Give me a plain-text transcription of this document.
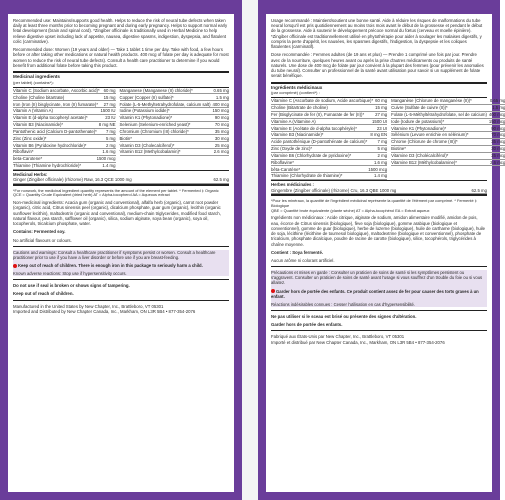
Recommended use: Maintains/supports good health. Helps to reduce the risk of neural tube defects when taken daily at least three months prior to becoming pregnant and during early pregnancy. Helps to support normal early fetal development (brain and spinal cord). *Zingiber officinale is traditionally used in Herbal Medicine to help relieve digestive upset including lack of appetite, nausea, digestive spasms, indigestion, dyspepsia, and flatulent colic (carminative).

Recommended dose: Women (19 years and older) — Take 1 tablet 1 time per day. Take with food, a few hours before or after taking other medications or natural health products. 400 mcg of folate per day is adequate for most women to reduce the risk of neural tube defects). Consult a health care practitioner to determine if you would benefit from additional folate before taking this product.

Medicinal ingredients
(per tablet) (contains*):
Vitamin C (Sodium ascorbate, Ascorbic acid)* 60 mg
Choline (Choline bitartrate)	15 mg
Iron (Iron (II) bisglycinate, Iron (II) fumarate)* 27 mg
Vitamin A (Vitamin A)	1500 IU
Vitamin E (d-alpha tocopheryl acetate)*	23 IU
Vitamin B3 (Niacinamide)*	8 mg NE
Pantothenic acid (Calcium D-pantothenate)* 7 mg
Zinc (Zinc oxide)*	5 mg
Vitamin B6 (Pyridoxine hydrochloride)*	2 mg
Riboflavin*	1.6 mg
beta-Carotene*	1500 mcg
Thiamine (Thiamine hydrochloride)*	1.4 mg
Manganese (Manganese (II) chloride)*	0.65 mg
Copper (Copper (II) sulfate)*	1.5 mg
Folate (L-5-Methyltetrahydrofolate, calcium salt) 400 mcg
Iodine (Potassium iodide)*	150 mcg
Vitamin K1 (Phytonadione)*	90 mcg
Selenium (Selenium-enriched yeast)*	70 mcg
Chromium (Chromium (III) chloride)*	35 mcg
Biotin*	30 mcg
Vitamin D3 (Cholecalciferol)*	25 mcg
Vitamin B12 (Methylcobalamin)*	2.6 mcg
Medicinal Herbs:
Ginger (Zingiber officinale) (rhizome) Raw, 16.3 QCE 1000 mg	62.5 mg
*For nonwork, the medicinal ingredient quantity represents the amount of the element per tablet. * Fermented ‡ Organic
QCE = Quantity Crude Equivalent (dried herb) AT = Alpha-tocopherol AA = Aqueous extract

Non-medicinal ingredients: Acacia gum (organic and conventional), alfalfa herb (organic), carrot root powder (organic), citric acid, Citrus sinensis peel (organic), dicalcium phosphate, guar gum (organic), lecithin (organic sunflower lecithin), maltodextrin (organic and conventional), medium-chain triglycerides, modified food starch, natural flavour, pea starch, safflower oil (organic), silica, sodium alginate, soya bean (organic), soya oil, tocopherols, tricalcium phosphate, water.

Contains: Fermented soy.

No artificial flavours or colours.

Cautions and warnings: Consult a healthcare practitioner if symptoms persist or worsen. Consult a healthcare practitioner prior to use if you have a liver disorder or before use if you are breast-feeding.

Keep out of reach of children. There is enough iron in this package to seriously harm a child.

Known adverse reactions: Stop use if hypersensitivity occurs.

Do not use if seal is broken or shows signs of tampering.

Keep out of reach of children.

Manufactured in the United States by New Chapter, Inc., Brattleboro, VT 05301
Imported and Distributed by New Chapter Canada, Inc., Markham, ON L3R 5B4 • 877-354-2076

Usage recommandé : Maintient/soutient une bonne santé. Aide à réduire les risques de malformations du tube neural lorsqu'il est pris quotidiennement au moins trois mois avant le début de la grossesse et pendant le début de la grossesse. Aide à soutenir le développement précoce normal du fœtus (cerveau et moelle épinière). *Zingiber officinale est traditionnellement utilisé en phytothérapie pour aider à soulager les malaises digestifs, y compris la perte d'appétit, les nausées, les spasmes digestifs, l'indigestion, la dyspepsie et les coliques flatulentes (carminatif).

Dose recommandée : Femmes adultes (de 19 ans et plus) — Prendre 1 comprimé une fois par jour. Prendre avec de la nourriture, quelques heures avant ou après la prise d'autres médicaments ou produits de santé naturels. Une dose de 400 mcg de folate par jour convient à la plupart des femmes (pour prévenir les anomalies du tube neural). Consulter un professionnel de la santé avant utilisation pour savoir si un supplément de folate serait bénéfique.

Ingrédients médicinaux
(par comprimé) (contient*) :
Vitamine C (Ascorbate de sodium, Acide ascorbique)* 60 mg
Choline (Bitartrate de choline)	15 mg
Fer (Bisglycinate de fer (II), Fumarate de fer (II))*	27 mg
Vitamine A (Vitamine A)	1500 UI
Vitamine E (Acétate de d-alpha tocophéryle)*	23 UI
Vitamine B3 (Niacinamide)*	8 mg EN
Acide pantothénique (D-pantothénate de calcium)* 7 mg
Zinc (Oxyde de zinc)*	5 mg
Vitamine B6 (Chlorhydrate de pyridoxine)*	2 mg
Riboflavine*	1.6 mg
bêta-Carotène*	1500 mcg
Thiamine (Chlorhydrate de thiamine)*	1.4 mg
Manganèse (Chlorure de manganèse (II))*	0.65 mg
Cuivre (Sulfate de cuivre (II))*	1.5 mg
Folate (L-5-Méthyltétrahydrofolate, sel de calcium) 400 mcg
Iode (Iodure de potassium)*	150 mcg
Vitamine K1 (Phytonadione)*	90 mcg
Sélénium (Levure enrichie en sélénium)*	70 mcg
Chrome (Chlorure de chrome (III))*	35 mcg
Biotine*	30 mcg
Vitamine D3 (Cholécalciférol)*	25 mcg
Vitamine B12 (Méthylcobalamine)*	2.6 mcg
Herbes médicinales :
Gingembre (Zingiber officinale) (rhizome) Cru, 16.3 QBE 1000 mg	62.5 mg
*Pour les minéraux, la quantité de l'ingrédient médicinal représente la quantité de l'élément par comprimé. * Fermenté ‡ Biologique
QBE = Quantité brute équivalente (plante sèche) AT = Alpha-tocophérol EA = Extrait aqueux

Ingrédients non médicinaux : Acide citrique, alginate de sodium, amidon alimentaire modifié, amidon de pois, eau, écorce de Citrus sinensis (biologique), fève soja (biologique), gomme arabique (biologique et conventionnel), gomme de guar (biologique), herbe de luzerne (biologique), huile de carthame (biologique), huile de soja, lécithine (lécithine de tournesol biologique), maltodextrine (biologique et conventionnel), phosphate de tricalcium, phosphate dicalcique, poudre de racine de carotte (biologique), silice, tocophérols, triglycérides à chaîne moyenne.

Contient : Soya fermenté.

Aucun arôme ni colorant artificiel.

Précautions et mises en garde : Consulter un praticien de soins de santé si les symptômes persistent ou s'aggravent. Consulter un praticien de soins de santé avant l'usage si vous souffrez d'un trouble du foie ou si vous allaitez.

Garder hors de portée des enfants. Ce produit contient assez de fer pour causer des torts graves à un enfant.

Réactions indésirables connues : Cesser l'utilisation en cas d'hypersensibilité.

Ne pas utiliser si le sceau est brisé ou présente des signes d'altération.

Garder hors de portée des enfants.

Fabriqué aux États-Unis par New Chapter, Inc., Brattleboro, VT 05301
Importé et distribué par New Chapter Canada, Inc., Markham, ON L3R 5B4 • 877-354-2076
